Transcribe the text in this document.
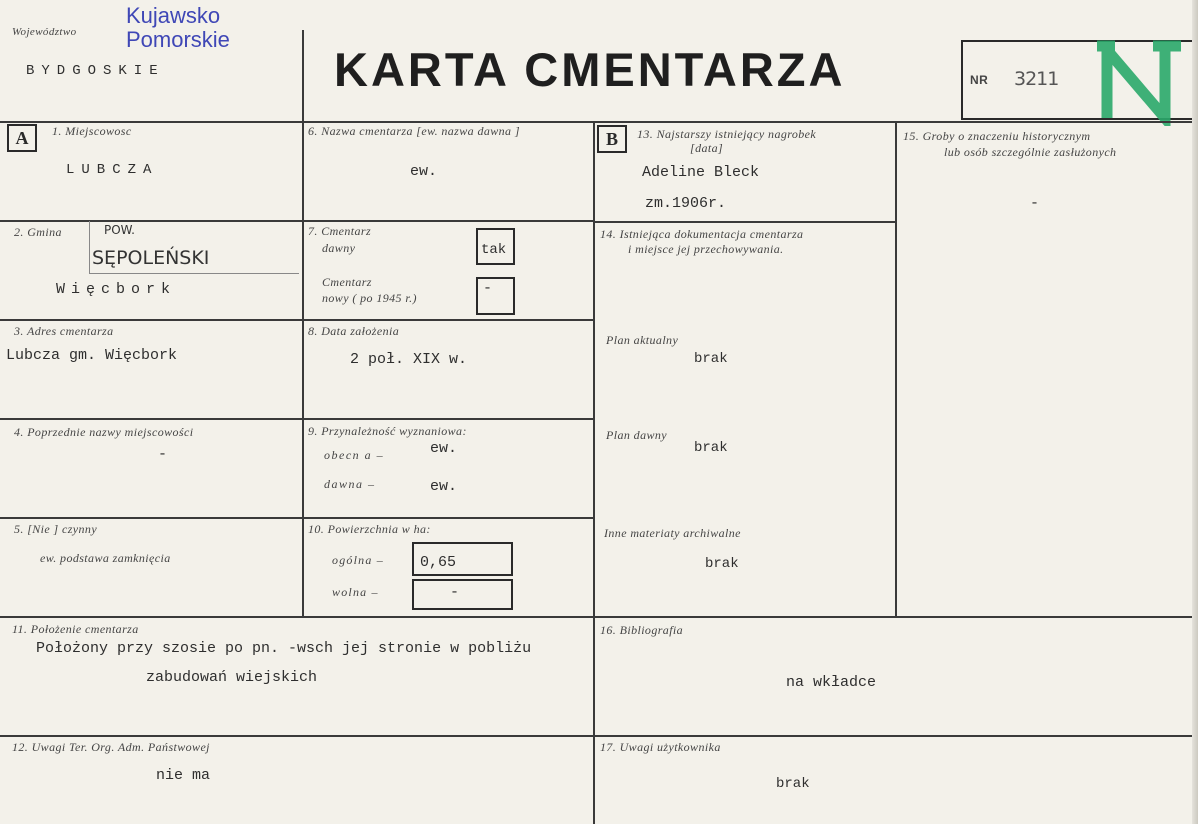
Województwo
BYDGOSKIE
Kujawsko
Pomorskie
KARTA CMENTARZA	NR 3211
A	1. Miejscowosc
LUBCZA
2. Gmina	POW.
SĘPOLEŃSKI
Więcbork
3. Adres cmentarza
Lubcza gm. Więcbork
4. Poprzednie nazwy miejscowości
-
5. [Nie ] czynny
ew. podstawa zamknięcia
6. Nazwa cmentarza [ew. nazwa dawna ]
ew.
7. Cmentarz
dawny	tak
Cmentarz
nowy ( po 1945 r.)
-
8. Data założenia
2 poł. XIX w.
9. Przynależność wyznaniowa:
obecn a –	ew.
dawna –	ew.
10. Powierzchnia w ha:
ogólna – 0,65
wolna –	-
11. Położenie cmentarza
Położony przy szosie po pn. -wsch jej stronie w pobliżu
zabudowań wiejskich
12. Uwagi Ter. Org. Adm. Państwowej
nie ma
B	13. Najstarszy istniejący nagrobek
[data]
Adeline Bleck
zm.1906r.
14. Istniejąca dokumentacja cmentarza
i miejsce jej przechowywania.
Plan aktualny
brak
Plan dawny
brak
Inne materiaty archiwalne
brak
15. Groby o znaczeniu historycznym
lub osób szczególnie zasłużonych
-
16. Bibliografia
na wkładce
17. Uwagi użytkownika
brak
